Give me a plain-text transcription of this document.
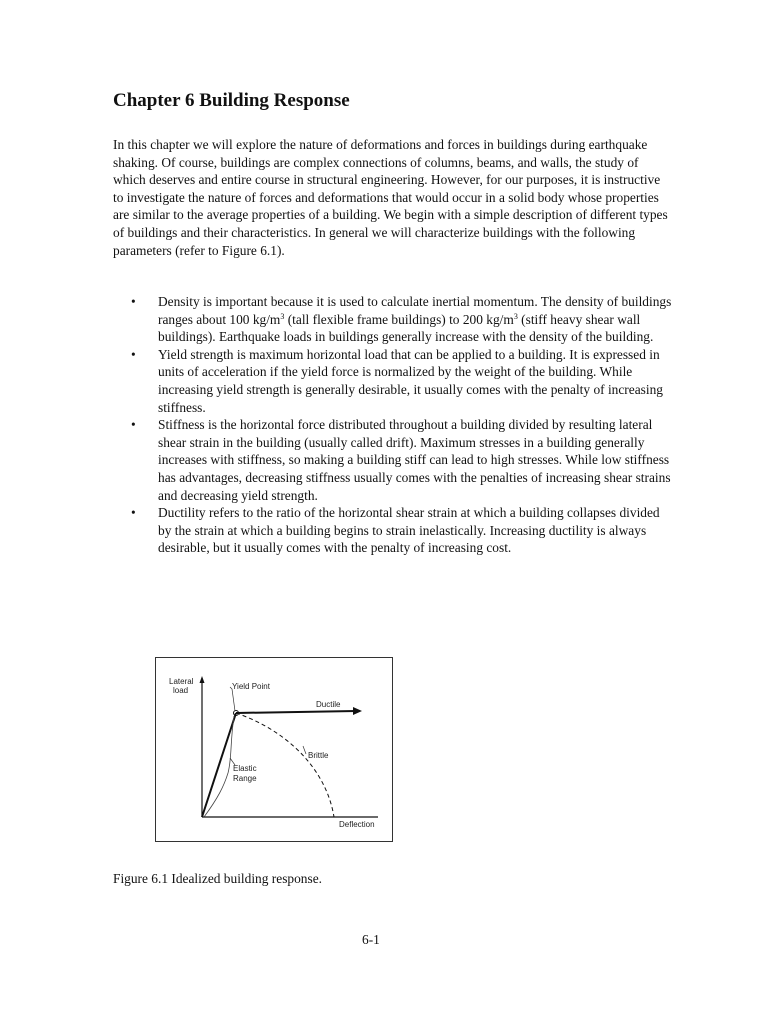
Chapter 6 Building Response

In this chapter we will explore the nature of deformations and forces in buildings during earthquake shaking. Of course, buildings are complex connections of columns, beams, and walls, the study of which deserves and entire course in structural engineering. However, for our purposes, it is instructive to investigate the nature of forces and deformations that would occur in a solid body whose properties are similar to the average properties of a building. We begin with a simple description of different types of buildings and their characteristics. In general we will characterize buildings with the following parameters (refer to Figure 6.1).

• Density is important because it is used to calculate inertial momentum. The density of buildings ranges about 100 $kg/m^3$ (tall flexible frame buildings) to 200 $kg/m^3$ (stiff heavy shear wall buildings). Earthquake loads in buildings generally increase with the density of the building.
• Yield strength is maximum horizontal load that can be applied to a building. It is expressed in units of acceleration if the yield force is normalized by the weight of the building. While increasing yield strength is generally desirable, it usually comes with the penalty of increasing stiffness.
• Stiffness is the horizontal force distributed throughout a building divided by resulting lateral shear strain in the building (usually called drift). Maximum stresses in a building generally increases with stiffness, so making a building stiff can lead to high stresses. While low stiffness has advantages, decreasing stiffness usually comes with the penalties of increasing shear strains and decreasing yield strength.
• Ductility refers to the ratio of the horizontal shear strain at which a building collapses divided by the strain at which a building begins to strain inelastically. Increasing ductility is always desirable, but it usually comes with the penalty of increasing cost.
Lateral
load	Yield Point
Ductile
Brittle
Elastic
Range
Deflection

Figure 6.1 Idealized building response.

6-1
